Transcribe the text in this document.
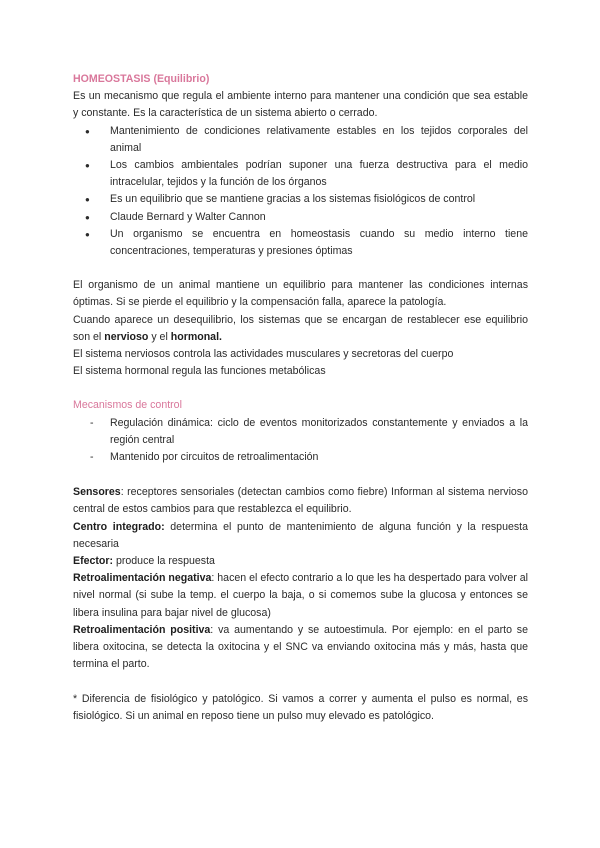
HOMEOSTASIS (Equilibrio)

Es un mecanismo que regula el ambiente interno para mantener una condición que sea estable y constante. Es la característica de un sistema abierto o cerrado.

● Mantenimiento de condiciones relativamente estables en los tejidos corporales del animal
● Los cambios ambientales podrían suponer una fuerza destructiva para el medio intracelular, tejidos y la función de los órganos
● Es un equilibrio que se mantiene gracias a los sistemas fisiológicos de control
● Claude Bernard y Walter Cannon
● Un organismo se encuentra en homeostasis cuando su medio interno tiene concentraciones, temperaturas y presiones óptimas

El organismo de un animal mantiene un equilibrio para mantener las condiciones internas óptimas. Si se pierde el equilibrio y la compensación falla, aparece la patología.

Cuando aparece un desequilibrio, los sistemas que se encargan de restablecer ese equilibrio son el nervioso y el hormonal.

El sistema nerviosos controla las actividades musculares y secretoras del cuerpo

El sistema hormonal regula las funciones metabólicas

Mecanismos de control

- Regulación dinámica: ciclo de eventos monitorizados constantemente y enviados a la región central
- Mantenido por circuitos de retroalimentación

Sensores: receptores sensoriales (detectan cambios como fiebre) Informan al sistema nervioso central de estos cambios para que restablezca el equilibrio.

Centro integrado: determina el punto de mantenimiento de alguna función y la respuesta necesaria

Efector: produce la respuesta

Retroalimentación negativa: hacen el efecto contrario a lo que les ha despertado para volver al nivel normal (si sube la temp. el cuerpo la baja, o si comemos sube la glucosa y entonces se libera insulina para bajar nivel de glucosa)

Retroalimentación positiva: va aumentando y se autoestimula. Por ejemplo: en el parto se libera oxitocina, se detecta la oxitocina y el SNC va enviando oxitocina más y más, hasta que termina el parto.

* Diferencia de fisiológico y patológico. Si vamos a correr y aumenta el pulso es normal, es fisiológico. Si un animal en reposo tiene un pulso muy elevado es patológico.
